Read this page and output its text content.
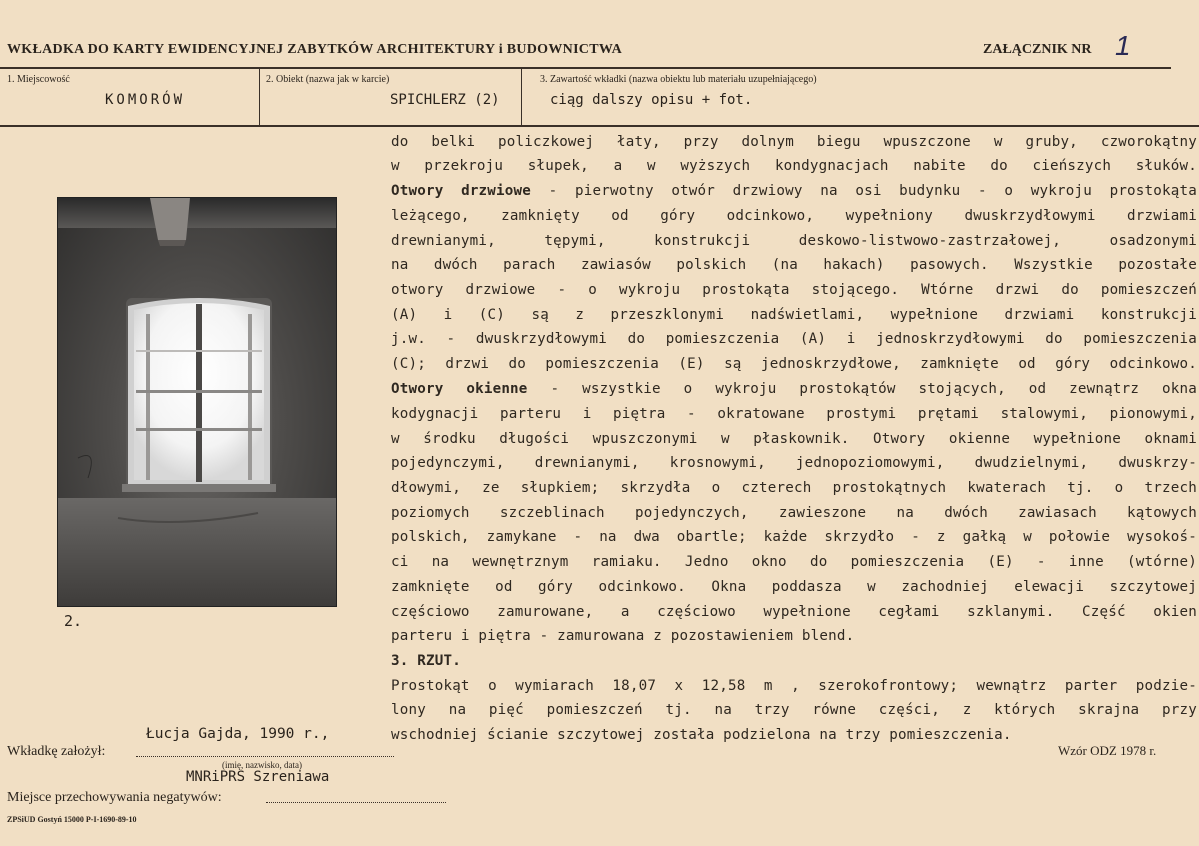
WKŁADKA DO KARTY EWIDENCYJNEJ ZABYTKÓW ARCHITEKTURY i BUDOWNICTWA	ZAŁĄCZNIK NR 1
1. Miejscowość
KOMORÓW
2. Obiekt (nazwa jak w karcie)
SPICHLERZ (2)
3. Zawartość wkładki (nazwa obiektu lub materiału uzupełniającego)
ciąg dalszy opisu + fot.
2.
do belki policzkowej łaty, przy dolnym biegu wpuszczone w gruby, czworokątny
w przekroju słupek, a w wyższych kondygnacjach nabite do cieńszych słuków.
Otwory drzwiowe - pierwotny otwór drzwiowy na osi budynku - o wykroju prostokąta
leżącego, zamknięty od góry odcinkowo, wypełniony dwuskrzydłowymi drzwiami
drewnianymi, tępymi, konstrukcji deskowo-listwowo-zastrzałowej, osadzonymi
na dwóch parach zawiasów polskich (na hakach) pasowych. Wszystkie pozostałe
otwory drzwiowe - o wykroju prostokąta stojącego. Wtórne drzwi do pomieszczeń
(A) i (C) są z przeszklonymi nadświetlami, wypełnione drzwiami konstrukcji
j.w. - dwuskrzydłowymi do pomieszczenia (A) i jednoskrzydłowymi do pomieszczenia
(C); drzwi do pomieszczenia (E) są jednoskrzydłowe, zamknięte od góry odcinkowo.
Otwory okienne - wszystkie o wykroju prostokątów stojących, od zewnątrz okna
kodygnacji parteru i piętra - okratowane prostymi prętami stalowymi, pionowymi,
w środku długości wpuszczonymi w płaskownik. Otwory okienne wypełnione oknami
pojedynczymi, drewnianymi, krosnowymi, jednopoziomowymi, dwudzielnymi, dwuskrzy-
dłowymi, ze słupkiem; skrzydła o czterech prostokątnych kwaterach tj. o trzech
poziomych szczeblinach pojedynczych, zawieszone na dwóch zawiasach kątowych
polskich, zamykane - na dwa obartle; każde skrzydło - z gałką w połowie wysokoś-
ci na wewnętrznym ramiaku. Jedno okno do pomieszczenia (E) - inne (wtórne)
zamknięte od góry odcinkowo. Okna poddasza w zachodniej elewacji szczytowej
częściowo zamurowane, a częściowo wypełnione cegłami szklanymi. Część okien
parteru i piętra - zamurowana z pozostawieniem blend.
3. RZUT.
Prostokąt o wymiarach 18,07 x 12,58 m , szerokofrontowy; wewnątrz parter podzie-
lony na pięć pomieszczeń tj. na trzy równe części, z których skrajna przy
wschodniej ścianie szczytowej została podzielona na trzy pomieszczenia.
Łucja Gajda, 1990 r.,
Wkładkę założył:
(imię, nazwisko, data)
MNRiPRS Szreniawa
Miejsce przechowywania negatywów:
Wzór ODZ 1978 r.
ZPSiUD Gostyń 15000 P-I-1690-89-10
